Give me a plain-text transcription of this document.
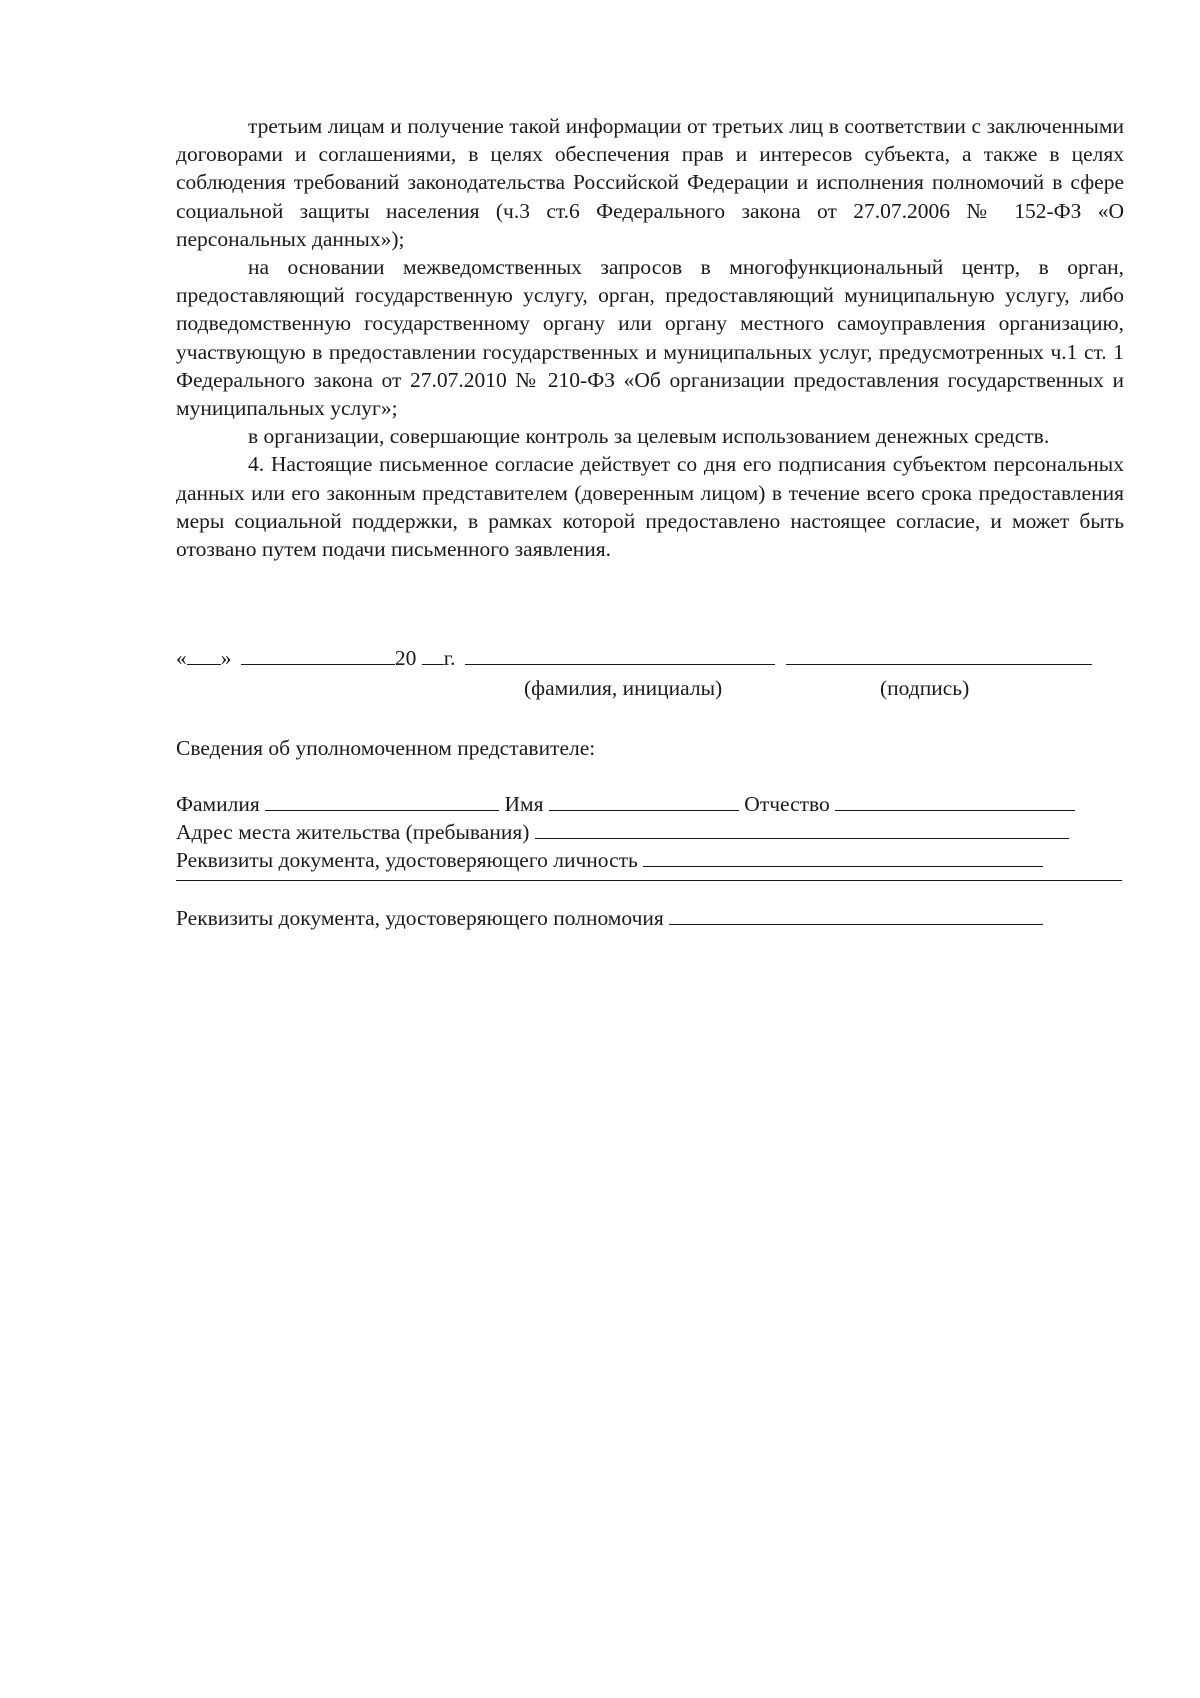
третьим лицам и получение такой информации от третьих лиц в соответствии с заключенными договорами и соглашениями, в целях обеспечения прав и интересов субъекта, а также в целях соблюдения требований законодательства Российской Федерации и исполнения полномочий в сфере социальной защиты населения (ч.3 ст.6 Федерального закона от 27.07.2006 № 152-ФЗ «О персональных данных»);

на основании межведомственных запросов в многофункциональный центр, в орган, предоставляющий государственную услугу, орган, предоставляющий муниципальную услугу, либо подведомственную государственному органу или органу местного самоуправления организацию, участвующую в предоставлении государственных и муниципальных услуг, предусмотренных ч.1 ст. 1 Федерального закона от 27.07.2010 № 210-ФЗ «Об организации предоставления государственных и муниципальных услуг»;

в организации, совершающие контроль за целевым использованием денежных средств.

4. Настоящие письменное согласие действует со дня его подписания субъектом персональных данных или его законным представителем (доверенным лицом) в течение всего срока предоставления меры социальной поддержки, в рамках которой предоставлено настоящее согласие, и может быть отозвано путем подачи письменного заявления.

« »	20 г.
(фамилия, инициалы)	(подпись)
Сведения об уполномоченном представителе:
Фамилия	Имя	Отчество
Адрес места жительства (пребывания)
Реквизиты документа, удостоверяющего личность
Реквизиты документа, удостоверяющего полномочия
